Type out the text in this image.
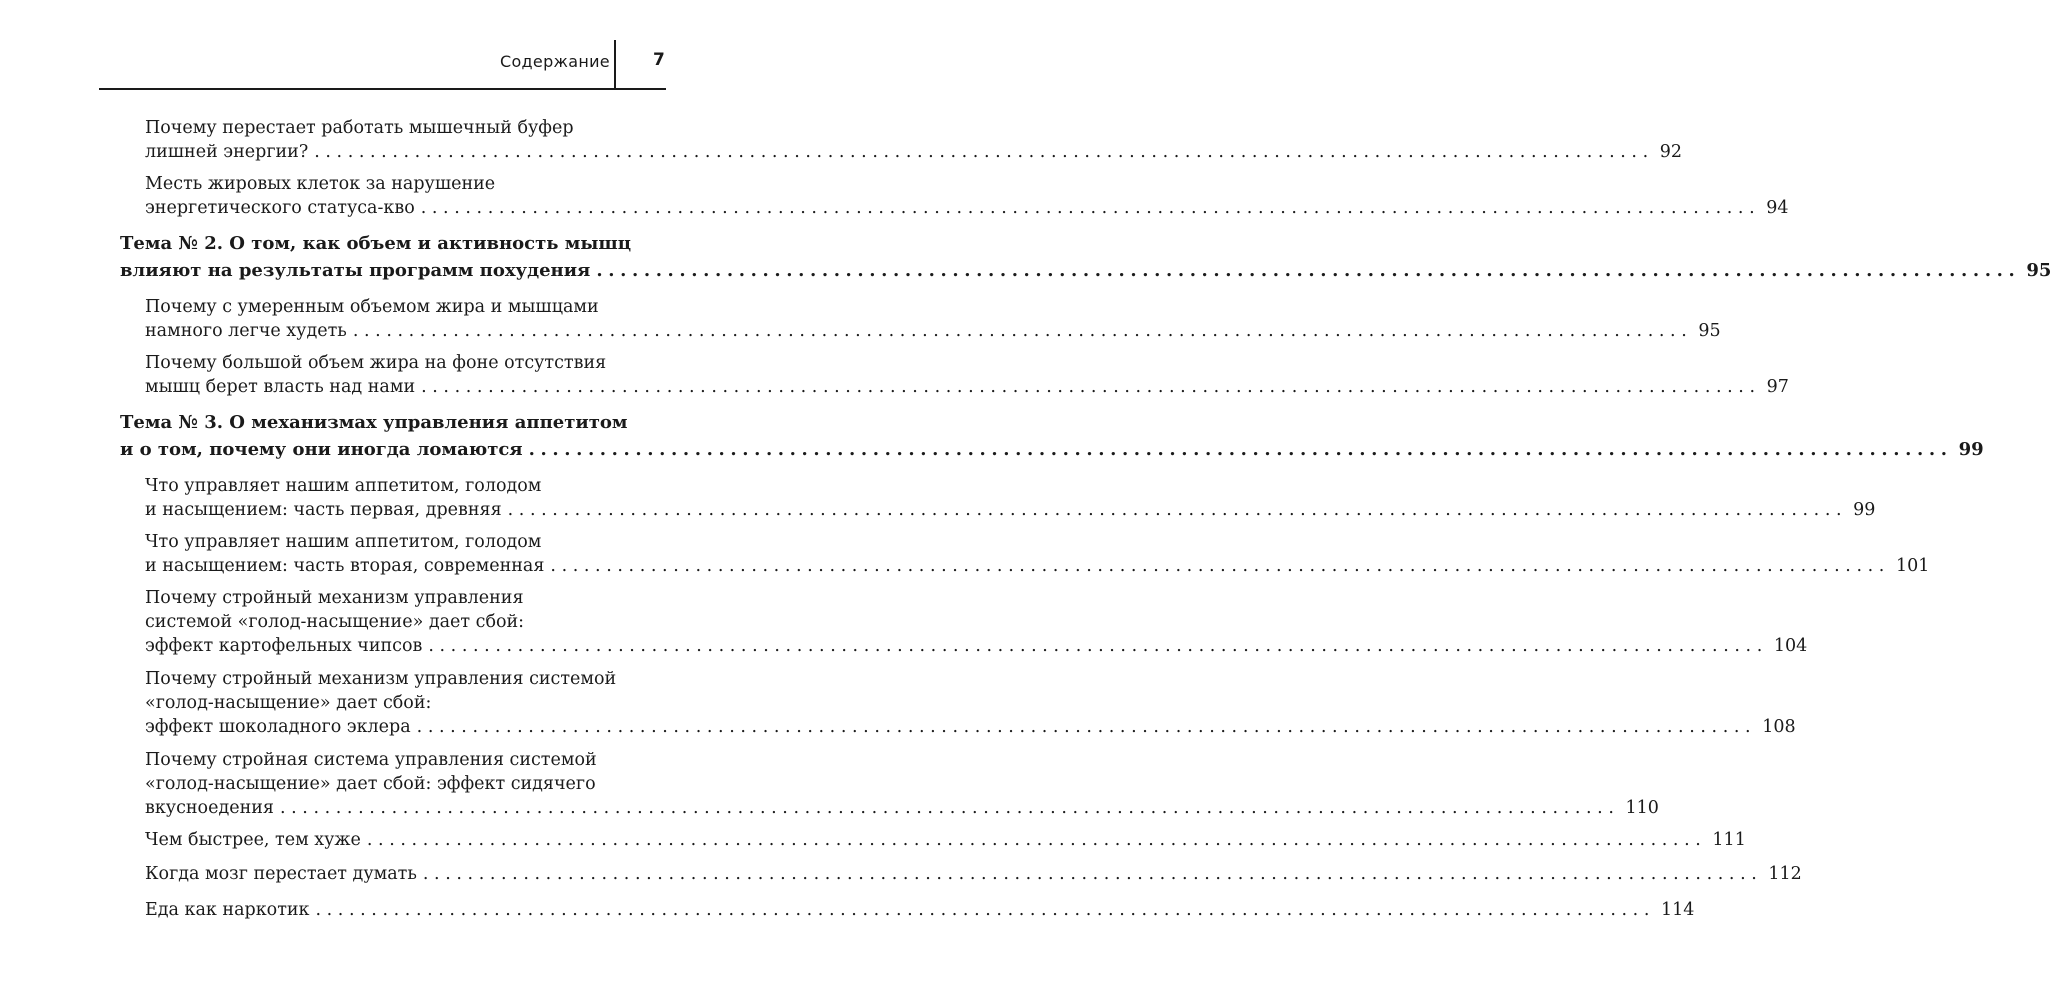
Содержание	7
Почему перестает работать мышечный буфер
лишней энергии? ........................................................................................................................ 92
Месть жировых клеток за нарушение
энергетического статуса-кво ........................................................................................................................ 94
Тема № 2. О том, как объем и активность мышц
влияют на результаты программ похудения ........................................................................................................................ 95
Почему с умеренным объемом жира и мышцами
намного легче худеть ........................................................................................................................ 95
Почему большой объем жира на фоне отсутствия
мышц берет власть над нами ........................................................................................................................ 97
Тема № 3. О механизмах управления аппетитом
и о том, почему они иногда ломаются ........................................................................................................................ 99
Что управляет нашим аппетитом, голодом
и насыщением: часть первая, древняя ........................................................................................................................ 99
Что управляет нашим аппетитом, голодом
и насыщением: часть вторая, современная ........................................................................................................................ 101
Почему стройный механизм управления
системой «голод-насыщение» дает сбой:
эффект картофельных чипсов ........................................................................................................................ 104
Почему стройный механизм управления системой
«голод-насыщение» дает сбой:
эффект шоколадного эклера ........................................................................................................................ 108
Почему стройная система управления системой
«голод-насыщение» дает сбой: эффект сидячего
вкусноедения ........................................................................................................................ 110
Чем быстрее, тем хуже ........................................................................................................................ 111
Когда мозг перестает думать ........................................................................................................................ 112
Еда как наркотик ........................................................................................................................ 114
